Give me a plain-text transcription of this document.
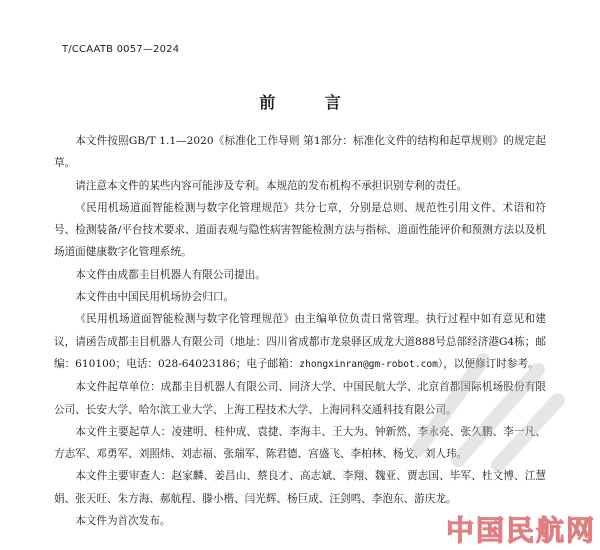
T/CCAATB 0057—2024
前 言

本文件按照GB/T 1.1—2020《标准化工作导则 第1部分：标准化文件的结构和起草规则》的规定起草。

请注意本文件的某些内容可能涉及专利。本规范的发布机构不承担识别专利的责任。

《民用机场道面智能检测与数字化管理规范》共分七章，分别是总则、规范性引用文件、术语和符号、检测装备/平台技术要求、道面表观与隐性病害智能检测方法与指标、道面性能评价和预测方法以及机场道面健康数字化管理系统。

本文件由成都圭目机器人有限公司提出。

本文件由中国民用机场协会归口。

《民用机场道面智能检测与数字化管理规范》由主编单位负责日常管理。执行过程中如有意见和建议，请函告成都圭目机器人有限公司（地址：四川省成都市龙泉驿区成龙大道888号总部经济港G4栋；邮编：610100；电话：028-64023186；电子邮箱：zhongxinran@gm-robot.com），以便修订时参考。

本文件起草单位：成都圭目机器人有限公司、同济大学、中国民航大学、北京首都国际机场股份有限公司、长安大学、哈尔滨工业大学、上海工程技术大学、上海同科交通科技有限公司。

本文件主要起草人：凌建明、桂仲成、袁捷、李海丰、王大为、钟新然、李永亮、张久鹏、李一凡、方志军、邓勇军、刘照炜、刘志福、张瑞军、陈君德、宫盛飞、李柏林、杨戈、刘人玮。

本文件主要审查人：赵家麟、姜昌山、蔡良才、高志斌、李翔、魏亚、贾志国、毕军、杜文博、江慧娟、张天旺、朱方海、郝航程、滕小楷、闫光辉、杨巨成、汪剑鸣、李泡东、游庆龙。

本文件为首次发布。	中国民航网
